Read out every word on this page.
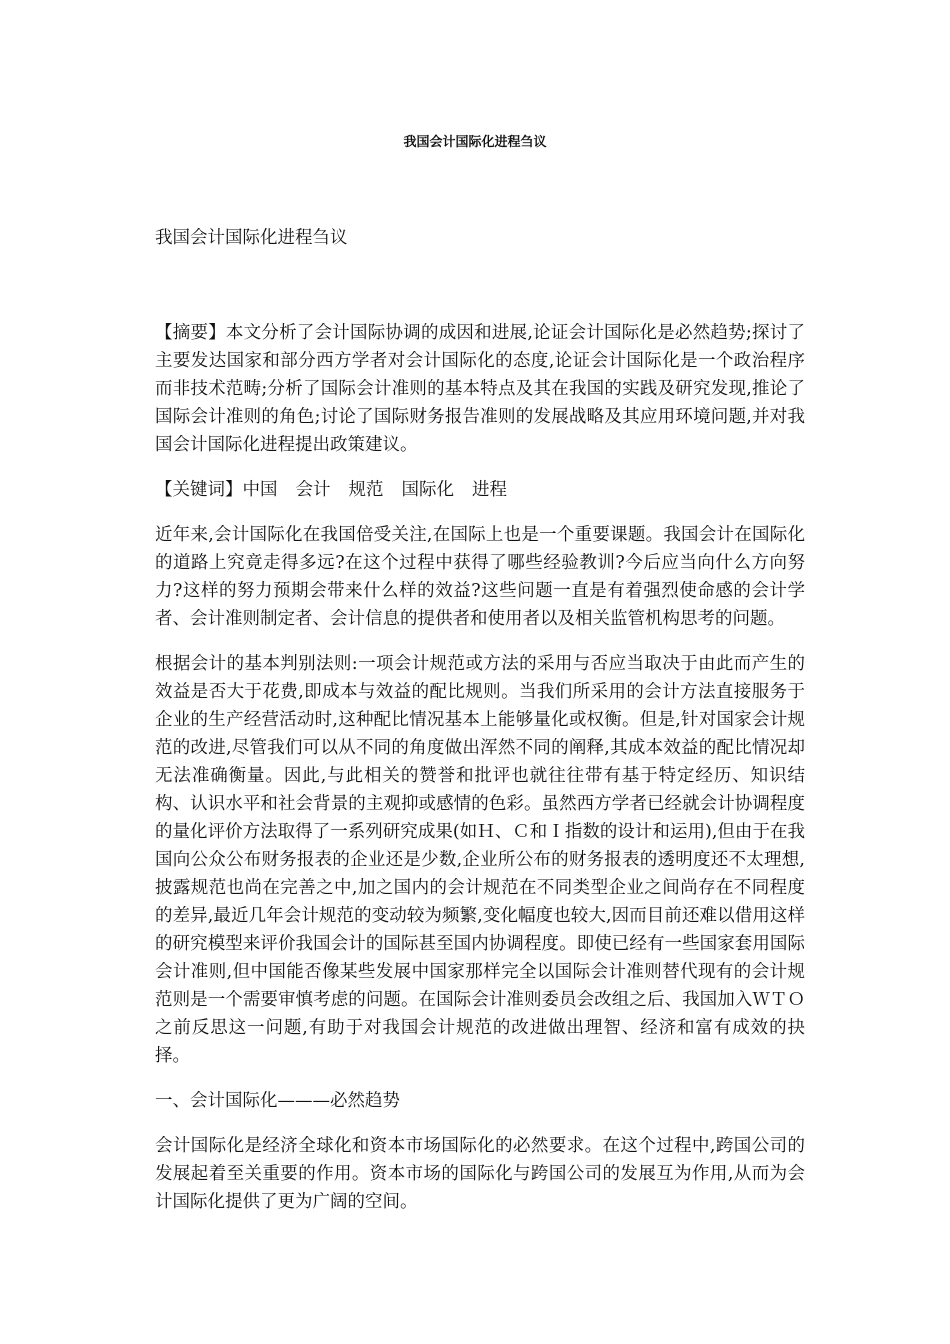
我国会计国际化进程刍议

我国会计国际化进程刍议

【摘要】本文分析了会计国际协调的成因和进展,论证会计国际化是必然趋势;探讨了主要发达国家和部分西方学者对会计国际化的态度,论证会计国际化是一个政治程序而非技术范畴;分析了国际会计准则的基本特点及其在我国的实践及研究发现,推论了国际会计准则的角色;讨论了国际财务报告准则的发展战略及其应用环境问题,并对我国会计国际化进程提出政策建议。

【关键词】中国 会计 规范 国际化 进程

近年来,会计国际化在我国倍受关注,在国际上也是一个重要课题。我国会计在国际化的道路上究竟走得多远?在这个过程中获得了哪些经验教训?今后应当向什么方向努力?这样的努力预期会带来什么样的效益?这些问题一直是有着强烈使命感的会计学者、会计准则制定者、会计信息的提供者和使用者以及相关监管机构思考的问题。

根据会计的基本判别法则:一项会计规范或方法的采用与否应当取决于由此而产生的效益是否大于花费,即成本与效益的配比规则。当我们所采用的会计方法直接服务于企业的生产经营活动时,这种配比情况基本上能够量化或权衡。但是,针对国家会计规范的改进,尽管我们可以从不同的角度做出浑然不同的阐释,其成本效益的配比情况却无法准确衡量。因此,与此相关的赞誉和批评也就往往带有基于特定经历、知识结构、认识水平和社会背景的主观抑或感情的色彩。虽然西方学者已经就会计协调程度的量化评价方法取得了一系列研究成果(如Ｈ、Ｃ和Ｉ指数的设计和运用),但由于在我国向公众公布财务报表的企业还是少数,企业所公布的财务报表的透明度还不太理想,披露规范也尚在完善之中,加之国内的会计规范在不同类型企业之间尚存在不同程度的差异,最近几年会计规范的变动较为频繁,变化幅度也较大,因而目前还难以借用这样的研究模型来评价我国会计的国际甚至国内协调程度。即使已经有一些国家套用国际会计准则,但中国能否像某些发展中国家那样完全以国际会计准则替代现有的会计规范则是一个需要审慎考虑的问题。在国际会计准则委员会改组之后、我国加入ＷＴＯ之前反思这一问题,有助于对我国会计规范的改进做出理智、经济和富有成效的抉择。

一、会计国际化———必然趋势

会计国际化是经济全球化和资本市场国际化的必然要求。在这个过程中,跨国公司的发展起着至关重要的作用。资本市场的国际化与跨国公司的发展互为作用,从而为会计国际化提供了更为广阔的空间。
